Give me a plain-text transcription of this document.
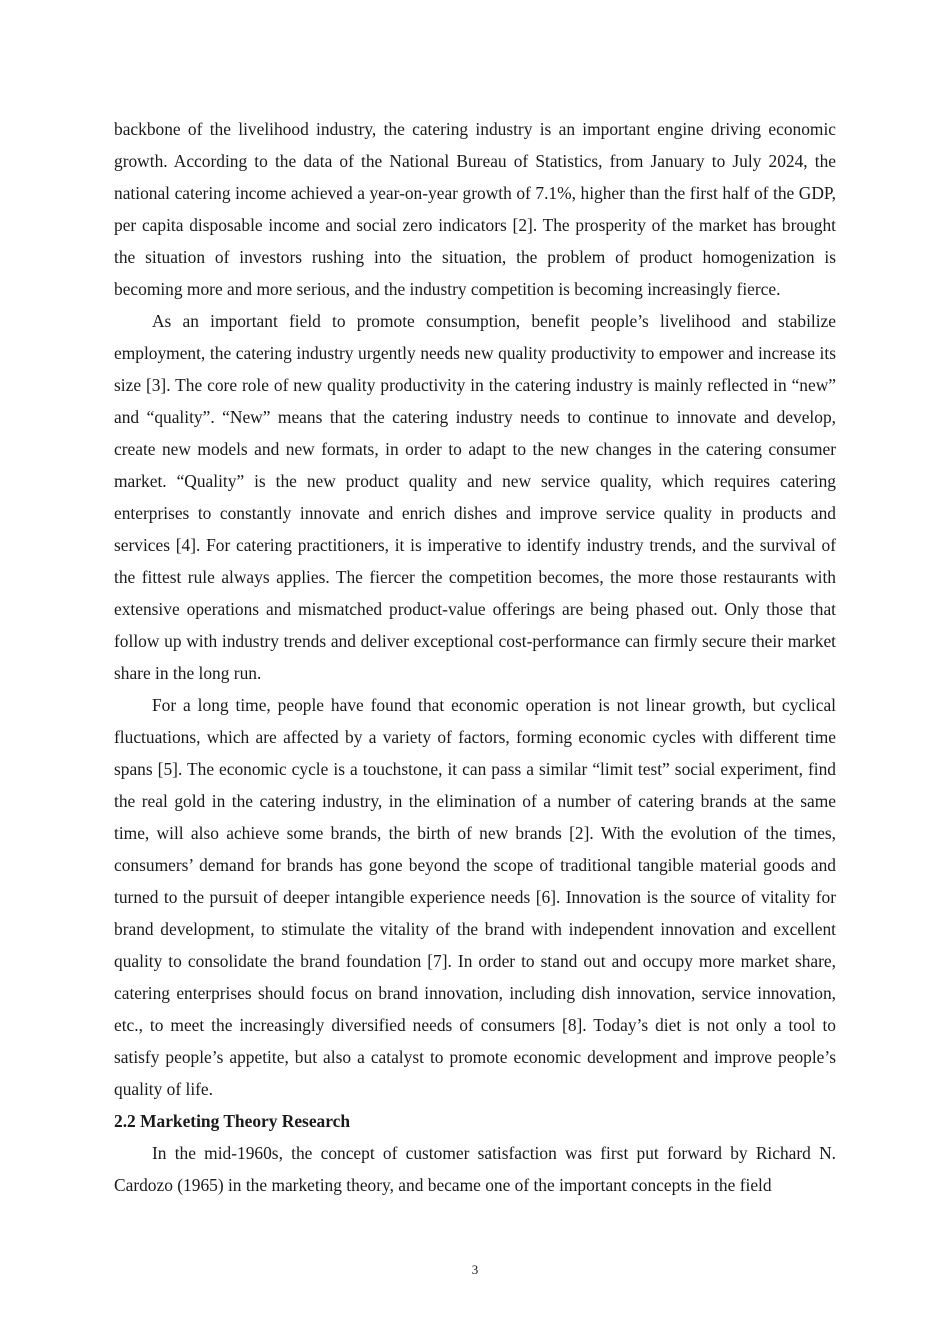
backbone of the livelihood industry, the catering industry is an important engine driving economic growth. According to the data of the National Bureau of Statistics, from January to July 2024, the national catering income achieved a year-on-year growth of 7.1%, higher than the first half of the GDP, per capita disposable income and social zero indicators [2]. The prosperity of the market has brought the situation of investors rushing into the situation, the problem of product homogenization is becoming more and more serious, and the industry competition is becoming increasingly fierce.

As an important field to promote consumption, benefit people’s livelihood and stabilize employment, the catering industry urgently needs new quality productivity to empower and increase its size [3]. The core role of new quality productivity in the catering industry is mainly reflected in “new” and “quality”. “New” means that the catering industry needs to continue to innovate and develop, create new models and new formats, in order to adapt to the new changes in the catering consumer market. “Quality” is the new product quality and new service quality, which requires catering enterprises to constantly innovate and enrich dishes and improve service quality in products and services [4]. For catering practitioners, it is imperative to identify industry trends, and the survival of the fittest rule always applies. The fiercer the competition becomes, the more those restaurants with extensive operations and mismatched product-value offerings are being phased out. Only those that follow up with industry trends and deliver exceptional cost-performance can firmly secure their market share in the long run.

For a long time, people have found that economic operation is not linear growth, but cyclical fluctuations, which are affected by a variety of factors, forming economic cycles with different time spans [5]. The economic cycle is a touchstone, it can pass a similar “limit test” social experiment, find the real gold in the catering industry, in the elimination of a number of catering brands at the same time, will also achieve some brands, the birth of new brands [2]. With the evolution of the times, consumers’ demand for brands has gone beyond the scope of traditional tangible material goods and turned to the pursuit of deeper intangible experience needs [6]. Innovation is the source of vitality for brand development, to stimulate the vitality of the brand with independent innovation and excellent quality to consolidate the brand foundation [7]. In order to stand out and occupy more market share, catering enterprises should focus on brand innovation, including dish innovation, service innovation, etc., to meet the increasingly diversified needs of consumers [8]. Today’s diet is not only a tool to satisfy people’s appetite, but also a catalyst to promote economic development and improve people’s quality of life.

2.2 Marketing Theory Research

In the mid-1960s, the concept of customer satisfaction was first put forward by Richard N. Cardozo (1965) in the marketing theory, and became one of the important concepts in the field

3
